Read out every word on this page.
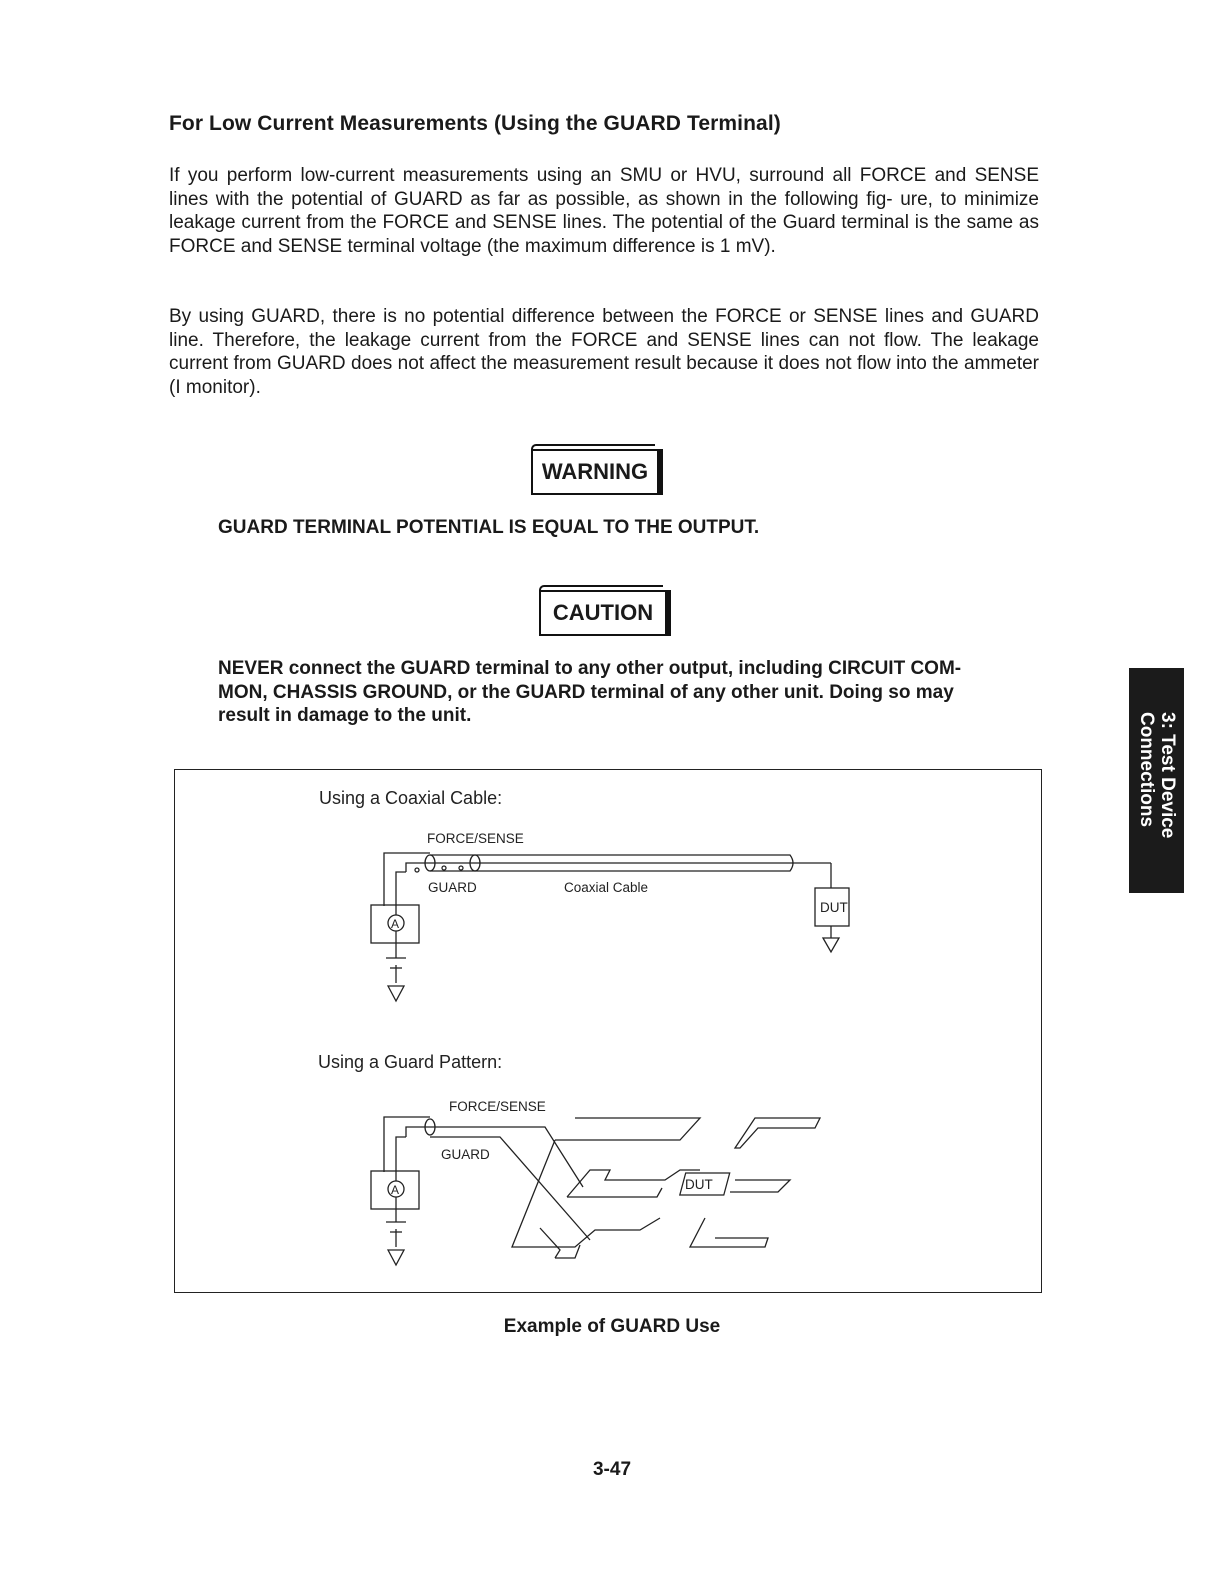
For Low Current Measurements (Using the GUARD Terminal)

If you perform low-current measurements using an SMU or HVU, surround all FORCE and SENSE lines with the potential of GUARD as far as possible, as shown in the following fig- ure, to minimize leakage current from the FORCE and SENSE lines. The potential of the Guard terminal is the same as FORCE and SENSE terminal voltage (the maximum difference is 1 mV).

By using GUARD, there is no potential difference between the FORCE or SENSE lines and GUARD line. Therefore, the leakage current from the FORCE and SENSE lines can not flow. The leakage current from GUARD does not affect the measurement result because it does not flow into the ammeter (I monitor).

WARNING

GUARD TERMINAL POTENTIAL IS EQUAL TO THE OUTPUT.

CAUTION

NEVER connect the GUARD terminal to any other output, including CIRCUIT COM- MON, CHASSIS GROUND, or the GUARD terminal of any other unit. Doing so may result in damage to the unit.

Using a Coaxial Cable:
FORCE/SENSE
GUARD	Coaxial Cable
DUT
A
Using a Guard Pattern:
FORCE/SENSE
GUARD
DUT
A
Example of GUARD Use
3: Test Device
Connections
3-47
